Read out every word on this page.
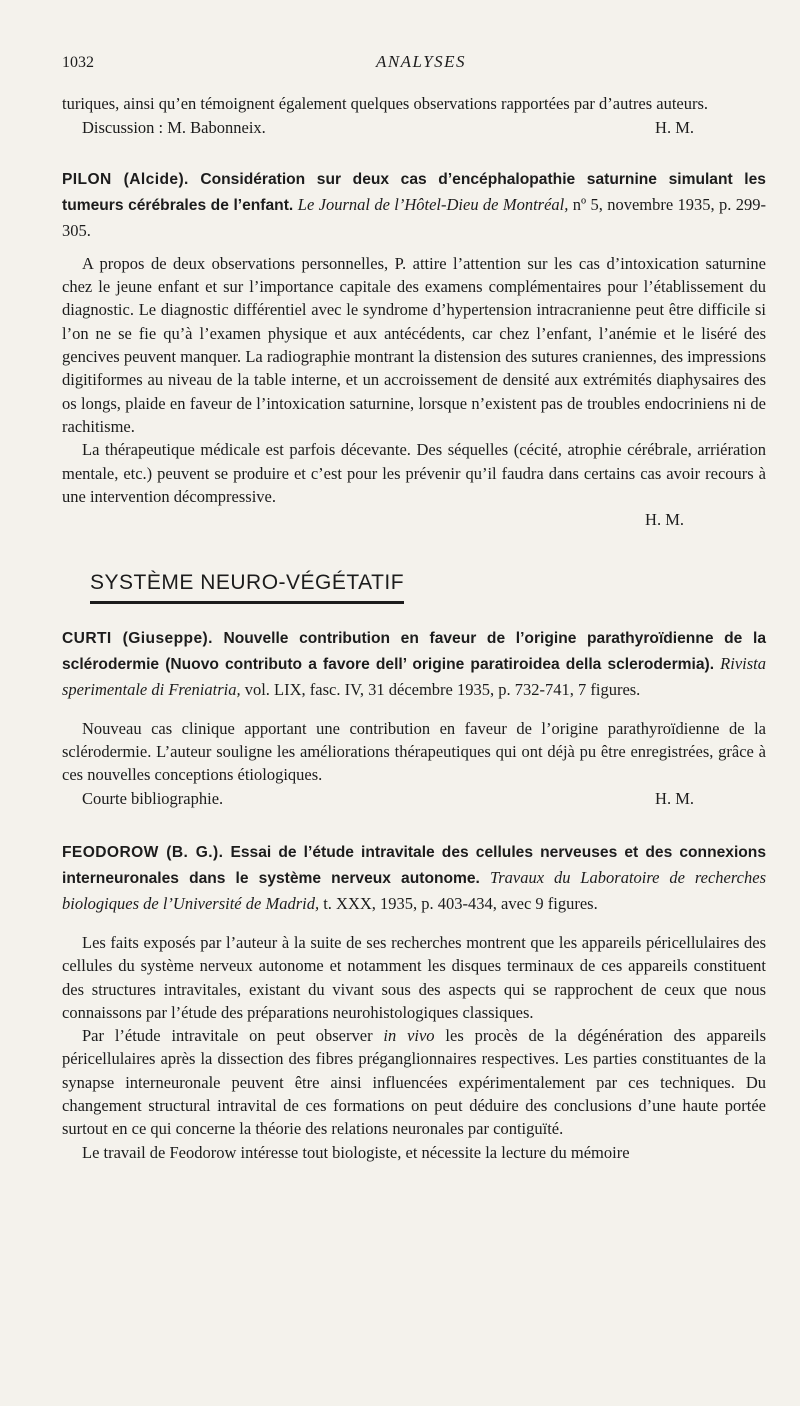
1032	ANALYSES

turiques, ainsi qu’en témoignent également quelques observations rapportées par d’autres auteurs.

Discussion : M. Babonneix.	H. M.

PILON (Alcide). Considération sur deux cas d’encéphalopathie saturnine simulant les tumeurs cérébrales de l’enfant. Le Journal de l’Hôtel-Dieu de Montréal, nº 5, novembre 1935, p. 299-305.

A propos de deux observations personnelles, P. attire l’attention sur les cas d’intoxication saturnine chez le jeune enfant et sur l’importance capitale des examens complémentaires pour l’établissement du diagnostic. Le diagnostic différentiel avec le syndrome d’hypertension intracranienne peut être difficile si l’on ne se fie qu’à l’examen physique et aux antécédents, car chez l’enfant, l’anémie et le liséré des gencives peuvent manquer. La radiographie montrant la distension des sutures craniennes, des impressions digitiformes au niveau de la table interne, et un accroissement de densité aux extrémités diaphysaires des os longs, plaide en faveur de l’intoxication saturnine, lorsque n’existent pas de troubles endocriniens ni de rachitisme.

La thérapeutique médicale est parfois décevante. Des séquelles (cécité, atrophie cérébrale, arriération mentale, etc.) peuvent se produire et c’est pour les prévenir qu’il faudra dans certains cas avoir recours à une intervention décompressive.

H. M.

SYSTÈME NEURO-VÉGÉTATIF

CURTI (Giuseppe). Nouvelle contribution en faveur de l’origine parathyroïdienne de la sclérodermie (Nuovo contributo a favore dell’ origine paratiroidea della sclerodermia). Rivista sperimentale di Freniatria, vol. LIX, fasc. IV, 31 décembre 1935, p. 732-741, 7 figures.

Nouveau cas clinique apportant une contribution en faveur de l’origine parathyroïdienne de la sclérodermie. L’auteur souligne les améliorations thérapeutiques qui ont déjà pu être enregistrées, grâce à ces nouvelles conceptions étiologiques.

Courte bibliographie.	H. M.

FEODOROW (B. G.). Essai de l’étude intravitale des cellules nerveuses et des connexions interneuronales dans le système nerveux autonome. Travaux du Laboratoire de recherches biologiques de l’Université de Madrid, t. XXX, 1935, p. 403-434, avec 9 figures.

Les faits exposés par l’auteur à la suite de ses recherches montrent que les appareils péricellulaires des cellules du système nerveux autonome et notamment les disques terminaux de ces appareils constituent des structures intravitales, existant du vivant sous des aspects qui se rapprochent de ceux que nous connaissons par l’étude des préparations neurohistologiques classiques.

Par l’étude intravitale on peut observer in vivo les procès de la dégénération des appareils péricellulaires après la dissection des fibres préganglionnaires respectives. Les parties constituantes de la synapse interneuronale peuvent être ainsi influencées expérimentalement par ces techniques. Du changement structural intravital de ces formations on peut déduire des conclusions d’une haute portée surtout en ce qui concerne la théorie des relations neuronales par contiguïté.

Le travail de Feodorow intéresse tout biologiste, et nécessite la lecture du mémoire
